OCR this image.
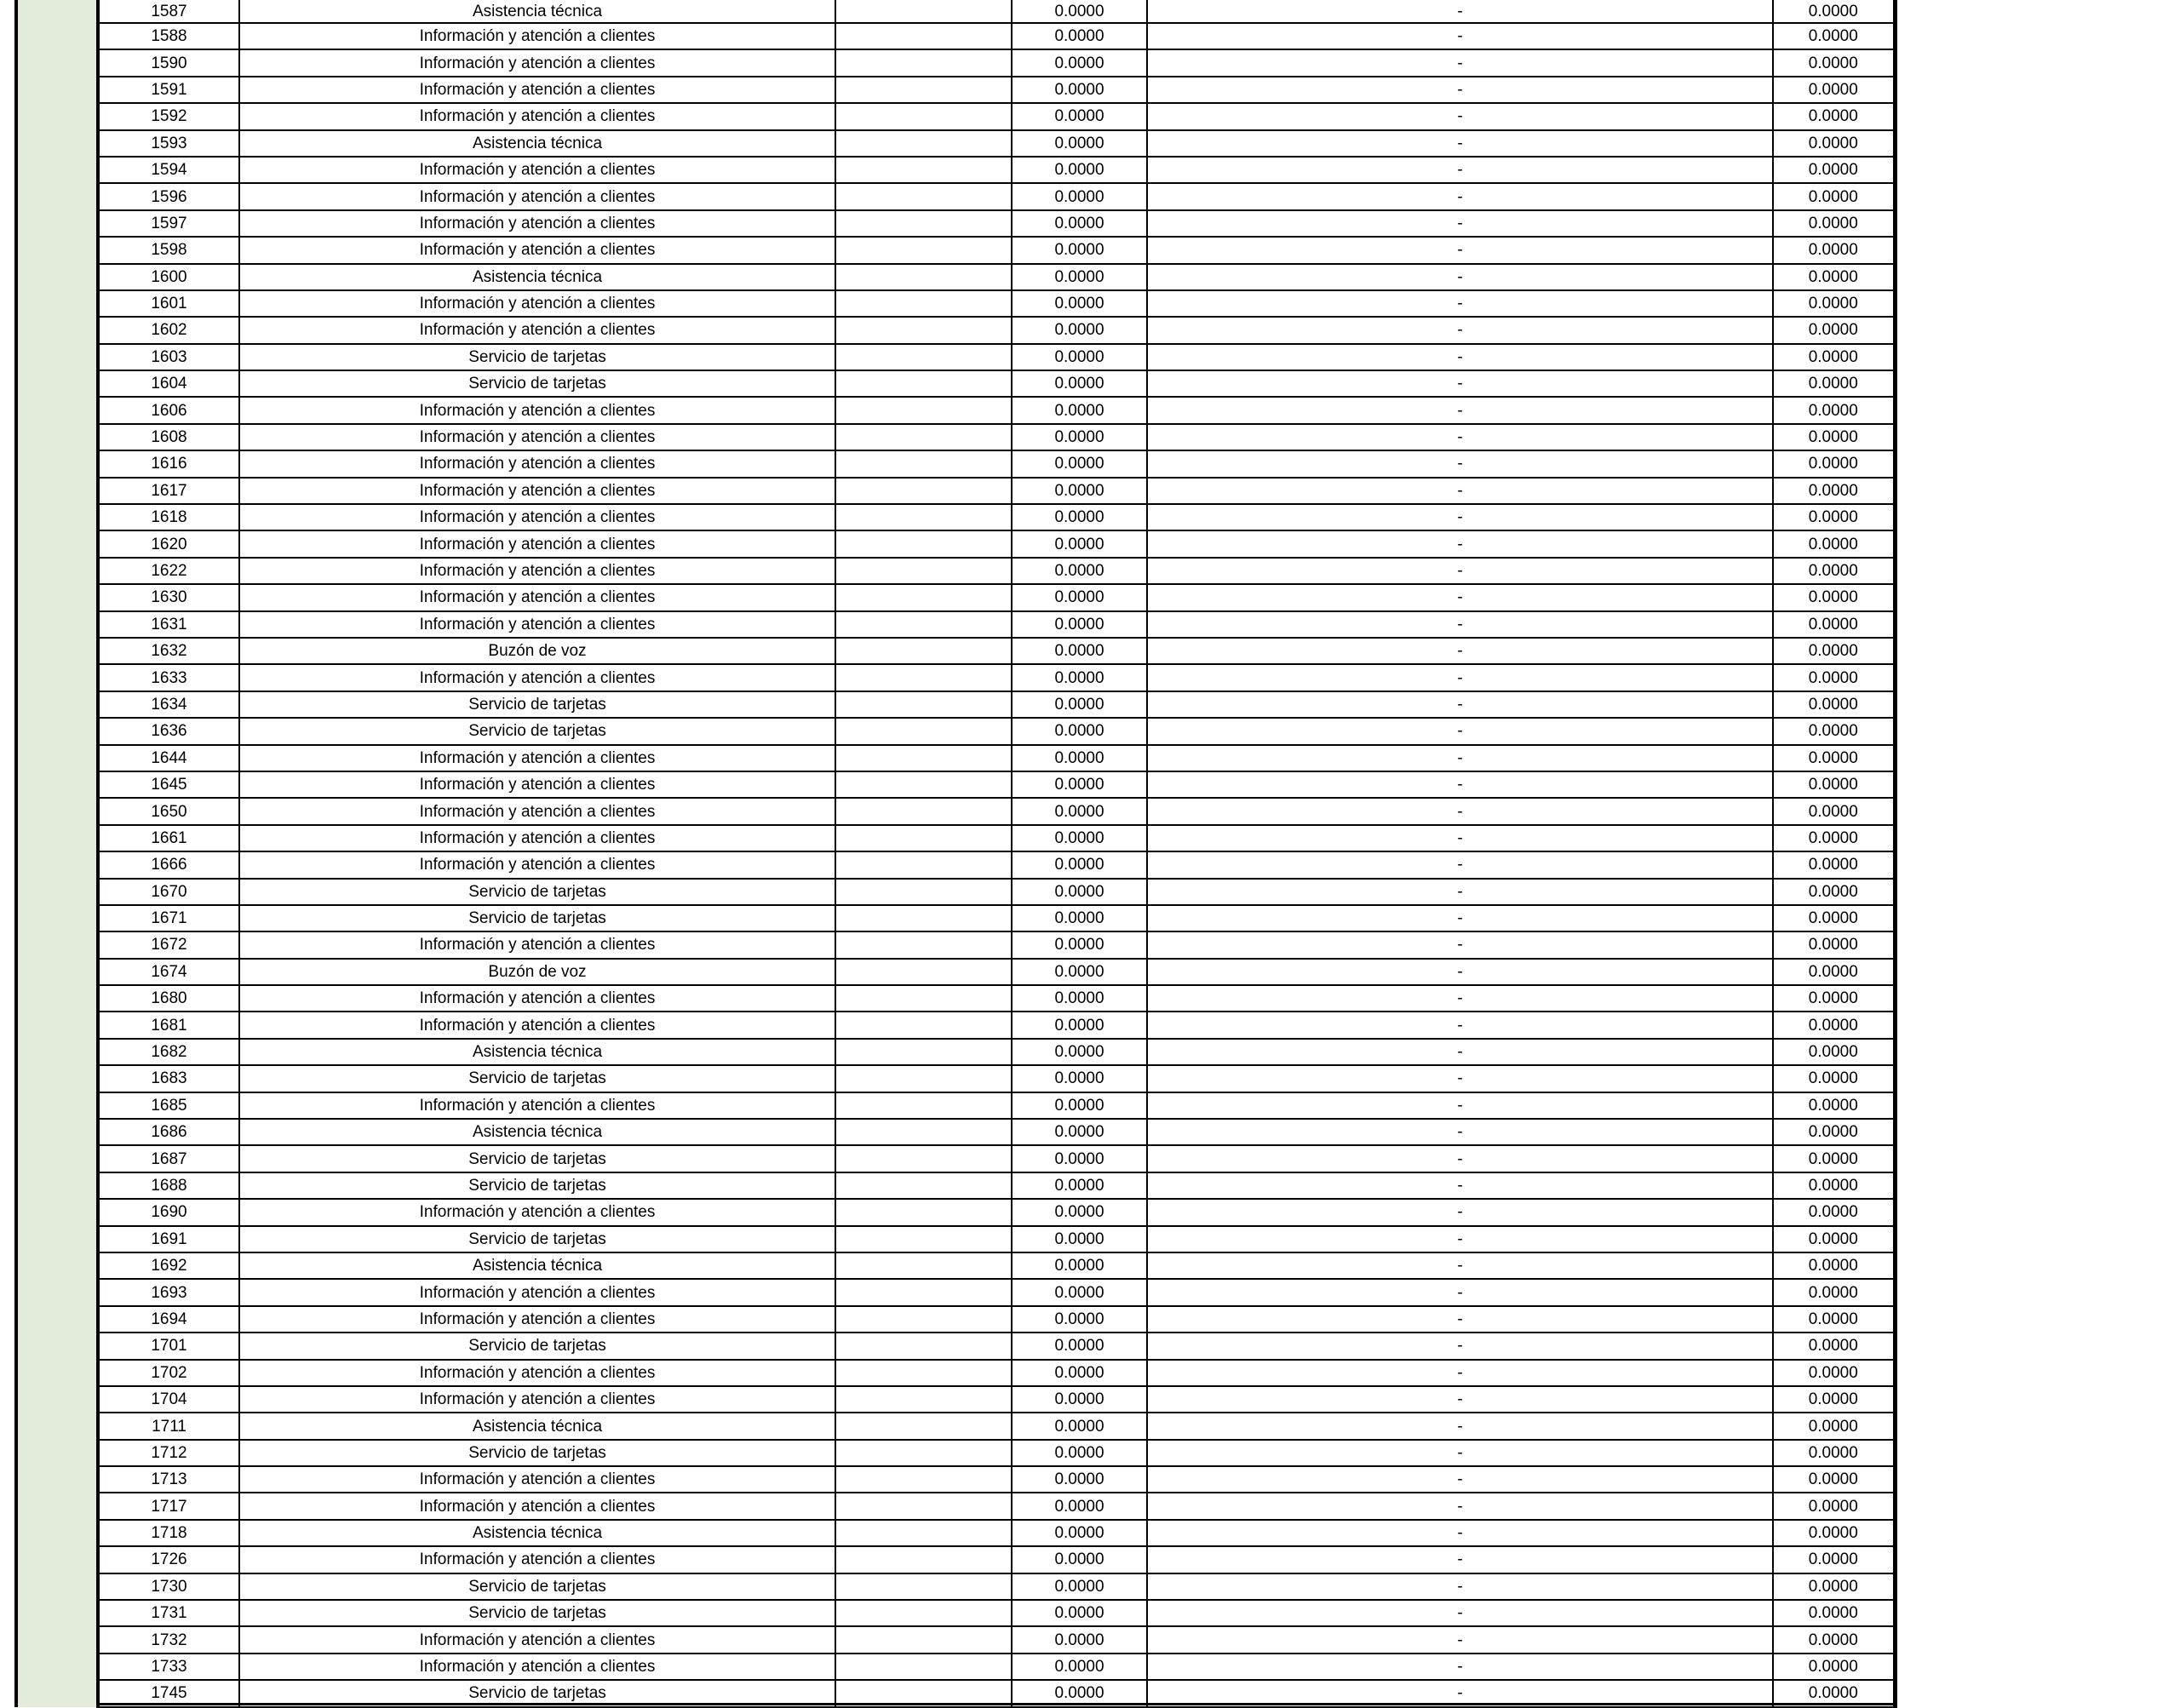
1587	Asistencia técnica		0.0000	-	0.0000
1588	Información y atención a clientes		0.0000	-	0.0000
1590	Información y atención a clientes		0.0000	-	0.0000
1591	Información y atención a clientes		0.0000	-	0.0000
1592	Información y atención a clientes		0.0000	-	0.0000
1593	Asistencia técnica		0.0000	-	0.0000
1594	Información y atención a clientes		0.0000	-	0.0000
1596	Información y atención a clientes		0.0000	-	0.0000
1597	Información y atención a clientes		0.0000	-	0.0000
1598	Información y atención a clientes		0.0000	-	0.0000
1600	Asistencia técnica		0.0000	-	0.0000
1601	Información y atención a clientes		0.0000	-	0.0000
1602	Información y atención a clientes		0.0000	-	0.0000
1603	Servicio de tarjetas		0.0000	-	0.0000
1604	Servicio de tarjetas		0.0000	-	0.0000
1606	Información y atención a clientes		0.0000	-	0.0000
1608	Información y atención a clientes		0.0000	-	0.0000
1616	Información y atención a clientes		0.0000	-	0.0000
1617	Información y atención a clientes		0.0000	-	0.0000
1618	Información y atención a clientes		0.0000	-	0.0000
1620	Información y atención a clientes		0.0000	-	0.0000
1622	Información y atención a clientes		0.0000	-	0.0000
1630	Información y atención a clientes		0.0000	-	0.0000
1631	Información y atención a clientes		0.0000	-	0.0000
1632	Buzón de voz		0.0000	-	0.0000
1633	Información y atención a clientes		0.0000	-	0.0000
1634	Servicio de tarjetas		0.0000	-	0.0000
1636	Servicio de tarjetas		0.0000	-	0.0000
1644	Información y atención a clientes		0.0000	-	0.0000
1645	Información y atención a clientes		0.0000	-	0.0000
1650	Información y atención a clientes		0.0000	-	0.0000
1661	Información y atención a clientes		0.0000	-	0.0000
1666	Información y atención a clientes		0.0000	-	0.0000
1670	Servicio de tarjetas		0.0000	-	0.0000
1671	Servicio de tarjetas		0.0000	-	0.0000
1672	Información y atención a clientes		0.0000	-	0.0000
1674	Buzón de voz		0.0000	-	0.0000
1680	Información y atención a clientes		0.0000	-	0.0000
1681	Información y atención a clientes		0.0000	-	0.0000
1682	Asistencia técnica		0.0000	-	0.0000
1683	Servicio de tarjetas		0.0000	-	0.0000
1685	Información y atención a clientes		0.0000	-	0.0000
1686	Asistencia técnica		0.0000	-	0.0000
1687	Servicio de tarjetas		0.0000	-	0.0000
1688	Servicio de tarjetas		0.0000	-	0.0000
1690	Información y atención a clientes		0.0000	-	0.0000
1691	Servicio de tarjetas		0.0000	-	0.0000
1692	Asistencia técnica		0.0000	-	0.0000
1693	Información y atención a clientes		0.0000	-	0.0000
1694	Información y atención a clientes		0.0000	-	0.0000
1701	Servicio de tarjetas		0.0000	-	0.0000
1702	Información y atención a clientes		0.0000	-	0.0000
1704	Información y atención a clientes		0.0000	-	0.0000
1711	Asistencia técnica		0.0000	-	0.0000
1712	Servicio de tarjetas		0.0000	-	0.0000
1713	Información y atención a clientes		0.0000	-	0.0000
1717	Información y atención a clientes		0.0000	-	0.0000
1718	Asistencia técnica		0.0000	-	0.0000
1726	Información y atención a clientes		0.0000	-	0.0000
1730	Servicio de tarjetas		0.0000	-	0.0000
1731	Servicio de tarjetas		0.0000	-	0.0000
1732	Información y atención a clientes		0.0000	-	0.0000
1733	Información y atención a clientes		0.0000	-	0.0000
1745	Servicio de tarjetas		0.0000	-	0.0000
